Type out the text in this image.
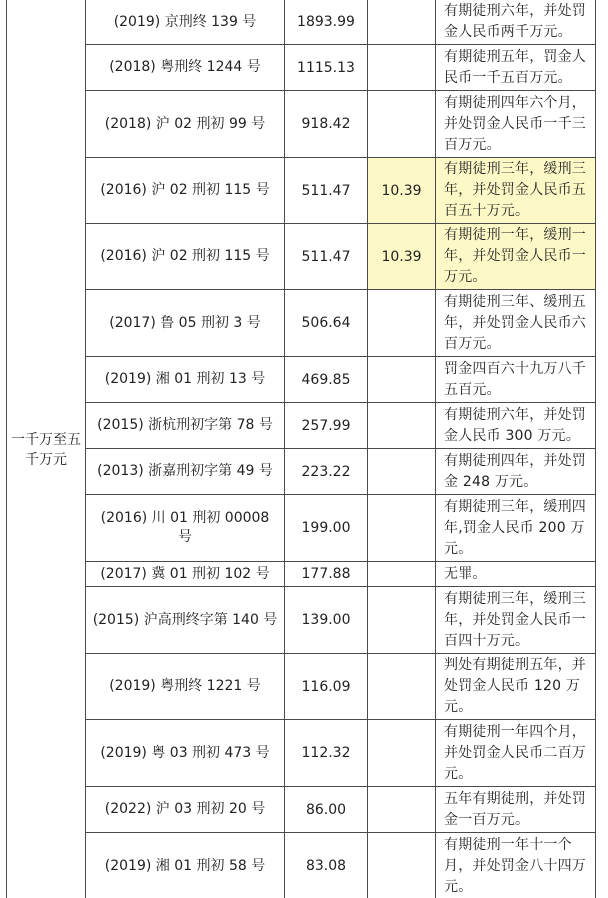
一千万至五千万元	(2019) 京刑终 139 号	1893.99		有期徒刑六年，并处罚金人民币两千万元。
	(2018) 粤刑终 1244 号	1115.13		有期徒刑五年，罚金人民币一千五百万元。
	(2018) 沪 02 刑初 99 号	918.42		有期徒刑四年六个月，并处罚金人民币一千三百万元。
	(2016) 沪 02 刑初 115 号	511.47	10.39	有期徒刑三年，缓刑三年，并处罚金人民币五百五十万元。
	(2016) 沪 02 刑初 115 号	511.47	10.39	有期徒刑一年，缓刑一年，并处罚金人民币一万元。
	(2017) 鲁 05 刑初 3 号	506.64		有期徒刑三年、缓刑五年，并处罚金人民币六百万元。
	(2019) 湘 01 刑初 13 号	469.85		罚金四百六十九万八千五百元。
	(2015) 浙杭刑初字第 78 号	257.99		有期徒刑六年，并处罚金人民币 300 万元。
	(2013) 浙嘉刑初字第 49 号	223.22		有期徒刑四年，并处罚金 248 万元。
	(2016) 川 01 刑初 00008 号	199.00		有期徒刑三年，缓刑四年,罚金人民币 200 万元。
	(2017) 冀 01 刑初 102 号	177.88		无罪。
	(2015) 沪高刑终字第 140 号	139.00		有期徒刑三年，缓刑三年，并处罚金人民币一百四十万元。
	(2019) 粤刑终 1221 号	116.09		判处有期徒刑五年，并处罚金人民币 120 万元。
	(2019) 粤 03 刑初 473 号	112.32		有期徒刑一年四个月，并处罚金人民币二百万元。
	(2022) 沪 03 刑初 20 号	86.00		五年有期徒刑，并处罚金一百万元。
	(2019) 湘 01 刑初 58 号	83.08		有期徒刑一年十一个月，并处罚金八十四万元。
